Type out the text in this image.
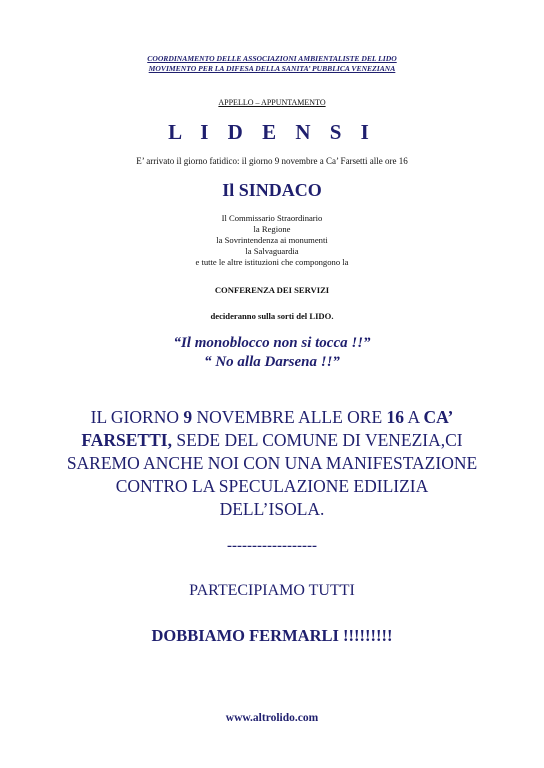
COORDINAMENTO DELLE ASSOCIAZIONI AMBIENTALISTE DEL LIDO
MOVIMENTO PER LA DIFESA DELLA SANITA’ PUBBLICA VENEZIANA
APPELLO – APPUNTAMENTO
L I D E N S I
E’ arrivato il giorno fatidico: il giorno 9 novembre a Ca’ Farsetti alle ore 16
Il SINDACO
Il Commissario Straordinario
la Regione
la Sovrintendenza ai monumenti
la Salvaguardia
e tutte le altre istituzioni che compongono la
CONFERENZA DEI SERVIZI
decideranno sulla sorti del LIDO.
“Il monoblocco non si tocca !!”
“ No alla Darsena !!”
IL GIORNO 9 NOVEMBRE ALLE ORE 16 A CA’
FARSETTI, SEDE DEL COMUNE DI VENEZIA,CI
SAREMO ANCHE NOI CON UNA MANIFESTAZIONE
CONTRO LA SPECULAZIONE EDILIZIA
DELL’ISOLA.
------------------
PARTECIPIAMO TUTTI
DOBBIAMO FERMARLI !!!!!!!!!
www.altrolido.com
